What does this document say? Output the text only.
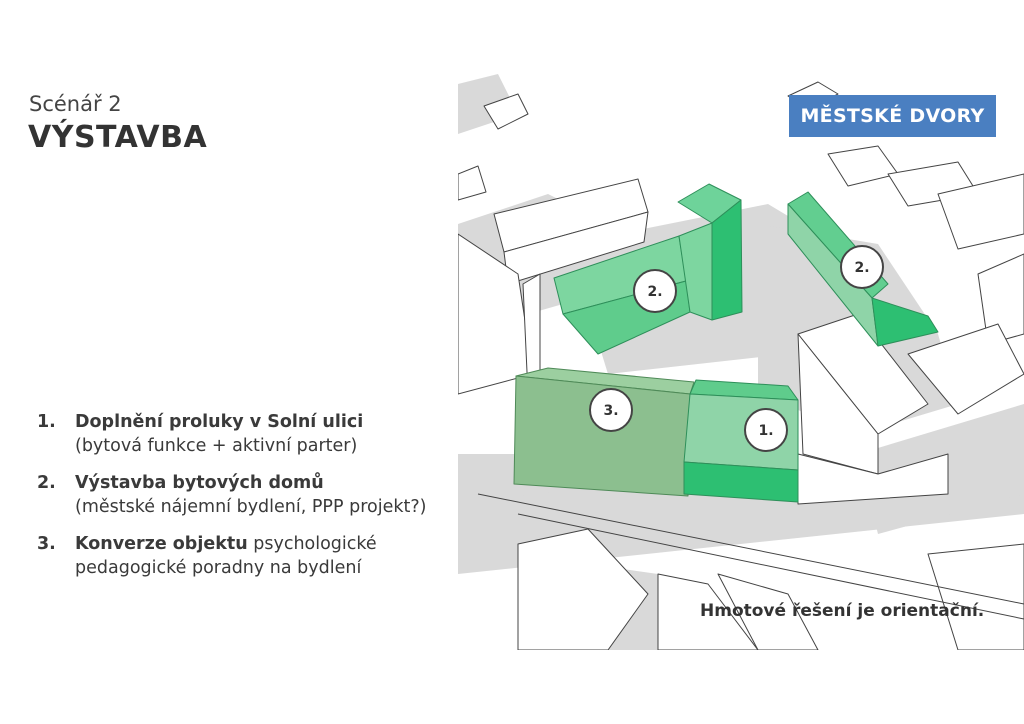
Scénář 2
VÝSTAVBA
1.	Doplnění proluky v Solní ulici
(bytová funkce + aktivní parter)
2.	Výstavba bytových domů
(městské nájemní bydlení, PPP projekt?)
3.	Konverze objektu psychologické pedagogické poradny na bydlení
2.
2.
3.
1.
MĚSTSKÉ DVORY
Hmotové řešení je orientační.
